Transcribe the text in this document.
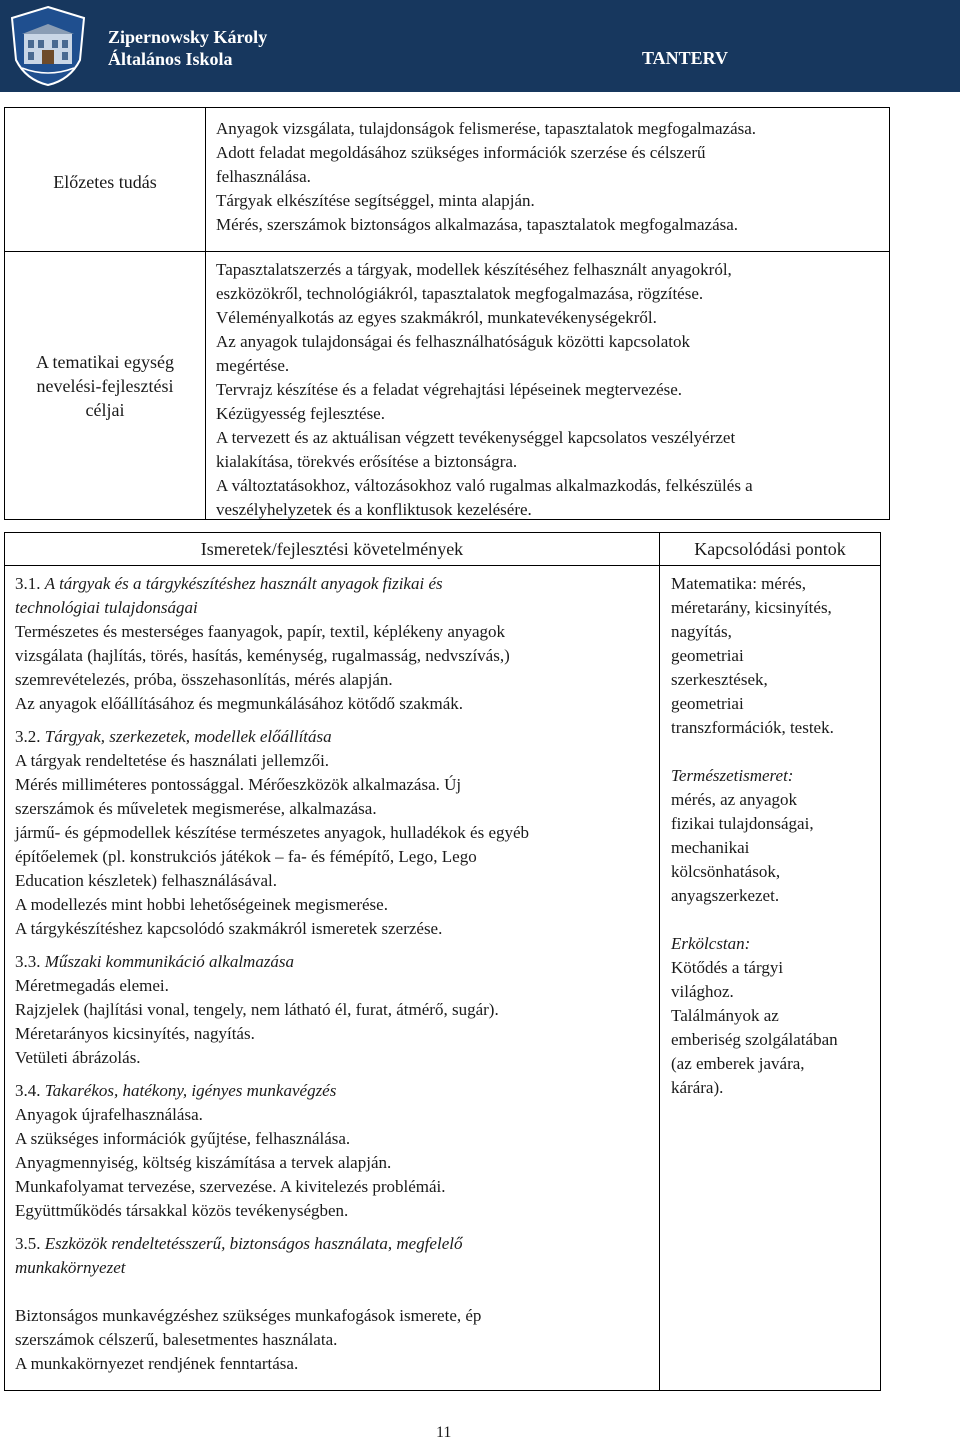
Zipernowsky Károly
Általános Iskola	TANTERV
Előzetes tudás
Anyagok vizsgálata, tulajdonságok felismerése, tapasztalatok megfogalmazása.
Adott feladat megoldásához szükséges információk szerzése és célszerű
felhasználása.
Tárgyak elkészítése segítséggel, minta alapján.
Mérés, szerszámok biztonságos alkalmazása, tapasztalatok megfogalmazása.
A tematikai egység
nevelési-fejlesztési
céljai
Tapasztalatszerzés a tárgyak, modellek készítéséhez felhasznált anyagokról,
eszközökről, technológiákról, tapasztalatok megfogalmazása, rögzítése.
Véleményalkotás az egyes szakmákról, munkatevékenységekről.
Az anyagok tulajdonságai és felhasználhatóságuk közötti kapcsolatok
megértése.
Tervrajz készítése és a feladat végrehajtási lépéseinek megtervezése.
Kézügyesség fejlesztése.
A tervezett és az aktuálisan végzett tevékenységgel kapcsolatos veszélyérzet
kialakítása, törekvés erősítése a biztonságra.
A változtatásokhoz, változásokhoz való rugalmas alkalmazkodás, felkészülés a
veszélyhelyzetek és a konfliktusok kezelésére.
Ismeretek/fejlesztési követelmények	Kapcsolódási pontok
3.1. A tárgyak és a tárgykészítéshez használt anyagok fizikai és
technológiai tulajdonságai
Természetes és mesterséges faanyagok, papír, textil, képlékeny anyagok
vizsgálata (hajlítás, törés, hasítás, keménység, rugalmasság, nedvszívás,)
szemrevételezés, próba, összehasonlítás, mérés alapján.
Az anyagok előállításához és megmunkálásához kötődő szakmák.
3.2. Tárgyak, szerkezetek, modellek előállítása
A tárgyak rendeltetése és használati jellemzői.
Mérés milliméteres pontossággal. Mérőeszközök alkalmazása. Új
szerszámok és műveletek megismerése, alkalmazása.
jármű- és gépmodellek készítése természetes anyagok, hulladékok és egyéb
építőelemek (pl. konstrukciós játékok – fa- és fémépítő, Lego, Lego
Education készletek) felhasználásával.
A modellezés mint hobbi lehetőségeinek megismerése.
A tárgykészítéshez kapcsolódó szakmákról ismeretek szerzése.
3.3. Műszaki kommunikáció alkalmazása
Méretmegadás elemei.
Rajzjelek (hajlítási vonal, tengely, nem látható él, furat, átmérő, sugár).
Méretarányos kicsinyítés, nagyítás.
Vetületi ábrázolás.
3.4. Takarékos, hatékony, igényes munkavégzés
Anyagok újrafelhasználása.
A szükséges információk gyűjtése, felhasználása.
Anyagmennyiség, költség kiszámítása a tervek alapján.
Munkafolyamat tervezése, szervezése. A kivitelezés problémái.
Együttműködés társakkal közös tevékenységben.
3.5. Eszközök rendeltetésszerű, biztonságos használata, megfelelő
munkakörnyezet
Biztonságos munkavégzéshez szükséges munkafogások ismerete, ép
szerszámok célszerű, balesetmentes használata.
A munkakörnyezet rendjének fenntartása.
Matematika: mérés,
méretarány, kicsinyítés,
nagyítás,
geometriai
szerkesztések,
geometriai
transzformációk, testek.
Természetismeret:
mérés, az anyagok
fizikai tulajdonságai,
mechanikai
kölcsönhatások,
anyagszerkezet.
Erkölcstan:
Kötődés a tárgyi
világhoz.
Találmányok az
emberiség szolgálatában
(az emberek javára,
kárára).
11
